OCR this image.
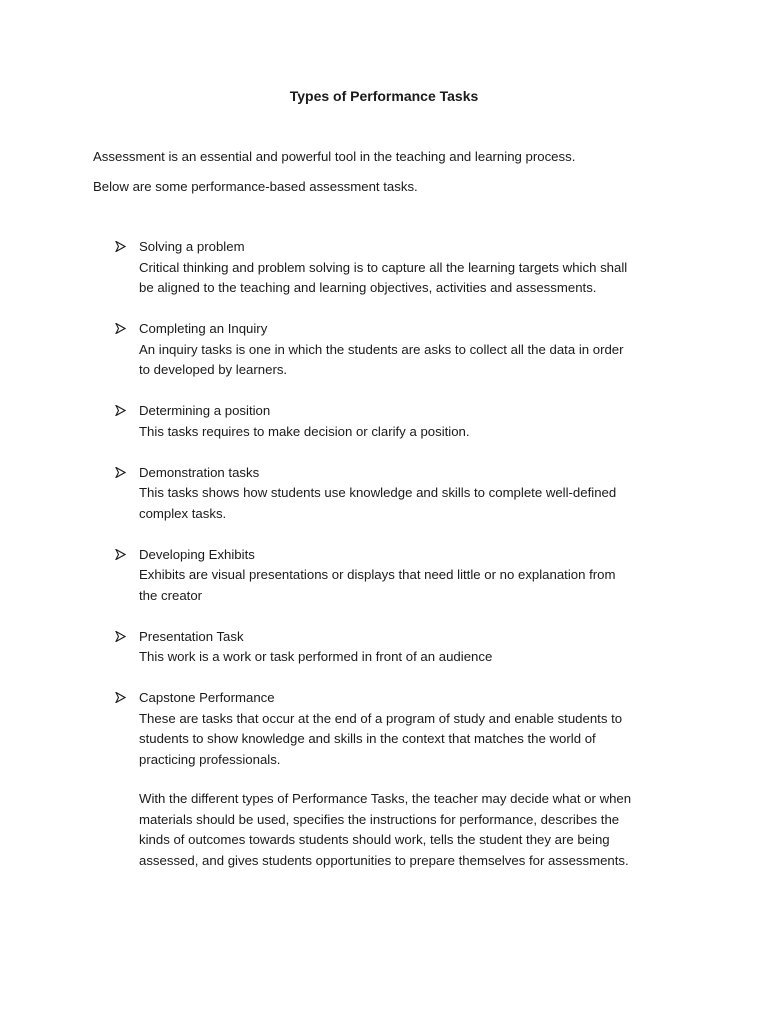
Types of Performance Tasks
Assessment is an essential and powerful tool in the teaching and learning process.
Below are some performance-based assessment tasks.
Solving a problem
Critical thinking and problem solving is to capture all the learning targets which shall
be aligned to the teaching and learning objectives, activities and assessments.
Completing an Inquiry
An inquiry tasks is one in which the students are asks to collect all the data in order
to developed by learners.
Determining a position
This tasks requires to make decision or clarify a position.
Demonstration tasks
This tasks shows how students use knowledge and skills to complete well-defined
complex tasks.
Developing Exhibits
Exhibits are visual presentations or displays that need little or no explanation from
the creator
Presentation Task
This work is a work or task performed in front of an audience
Capstone Performance
These are tasks that occur at the end of a program of study and enable students to
students to show knowledge and skills in the context that matches the world of
practicing professionals.
With the different types of Performance Tasks, the teacher may decide what or when
materials should be used, specifies the instructions for performance, describes the
kinds of outcomes towards students should work, tells the student they are being
assessed, and gives students opportunities to prepare themselves for assessments.
